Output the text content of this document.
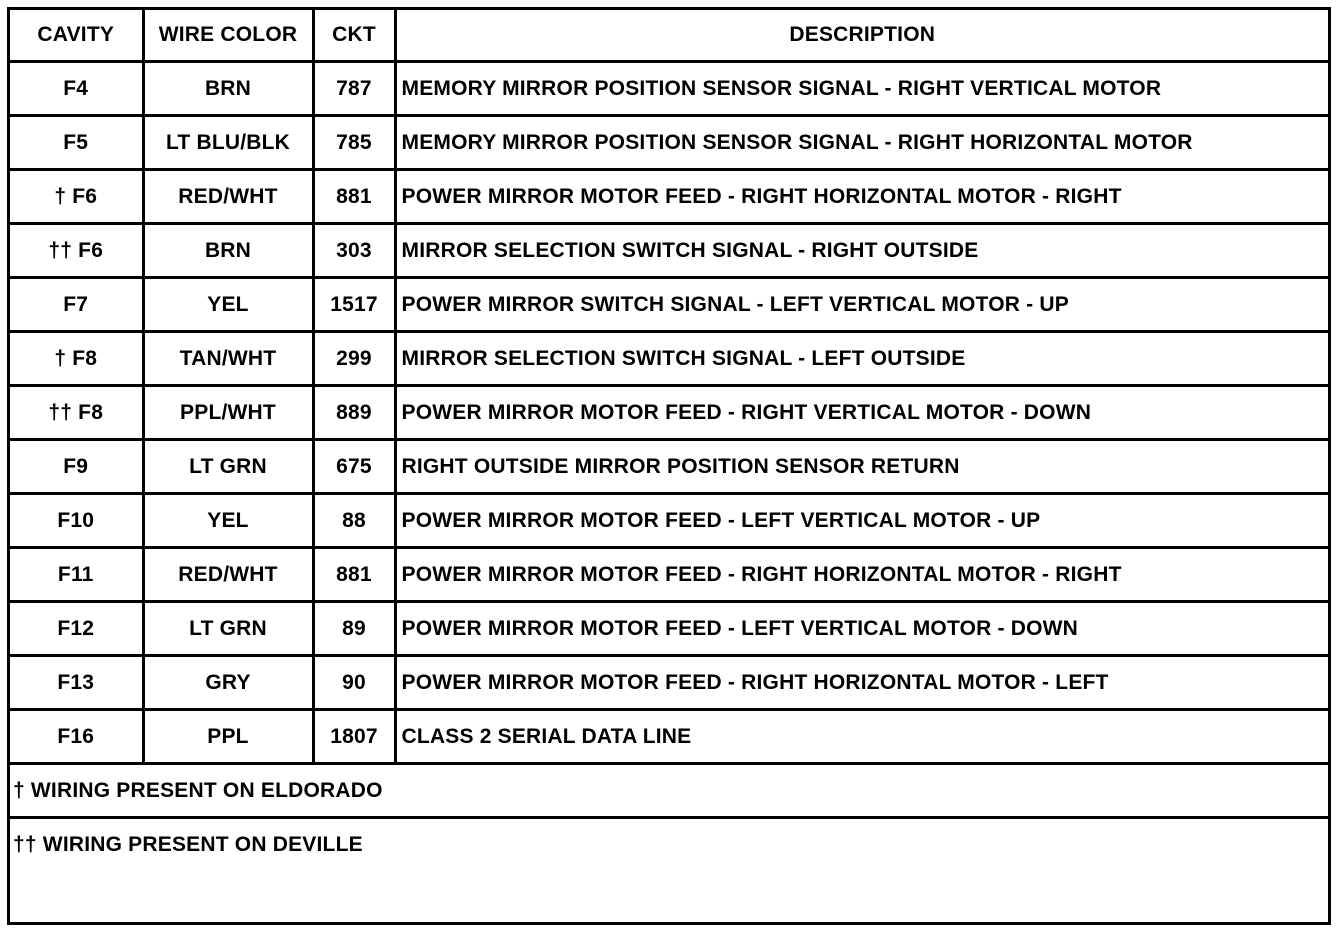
CAVITY	WIRE COLOR	CKT	DESCRIPTION
F4	BRN	787	MEMORY MIRROR POSITION SENSOR SIGNAL - RIGHT VERTICAL MOTOR
F5	LT BLU/BLK	785	MEMORY MIRROR POSITION SENSOR SIGNAL - RIGHT HORIZONTAL MOTOR
† F6	RED/WHT	881	POWER MIRROR MOTOR FEED - RIGHT HORIZONTAL MOTOR - RIGHT
†† F6	BRN	303	MIRROR SELECTION SWITCH SIGNAL - RIGHT OUTSIDE
F7	YEL	1517	POWER MIRROR SWITCH SIGNAL - LEFT VERTICAL MOTOR - UP
† F8	TAN/WHT	299	MIRROR SELECTION SWITCH SIGNAL - LEFT OUTSIDE
†† F8	PPL/WHT	889	POWER MIRROR MOTOR FEED - RIGHT VERTICAL MOTOR - DOWN
F9	LT GRN	675	RIGHT OUTSIDE MIRROR POSITION SENSOR RETURN
F10	YEL	88	POWER MIRROR MOTOR FEED - LEFT VERTICAL MOTOR - UP
F11	RED/WHT	881	POWER MIRROR MOTOR FEED - RIGHT HORIZONTAL MOTOR - RIGHT
F12	LT GRN	89	POWER MIRROR MOTOR FEED - LEFT VERTICAL MOTOR - DOWN
F13	GRY	90	POWER MIRROR MOTOR FEED - RIGHT HORIZONTAL MOTOR - LEFT
F16	PPL	1807	CLASS 2 SERIAL DATA LINE
† WIRING PRESENT ON ELDORADO			
†† WIRING PRESENT ON DEVILLE			
